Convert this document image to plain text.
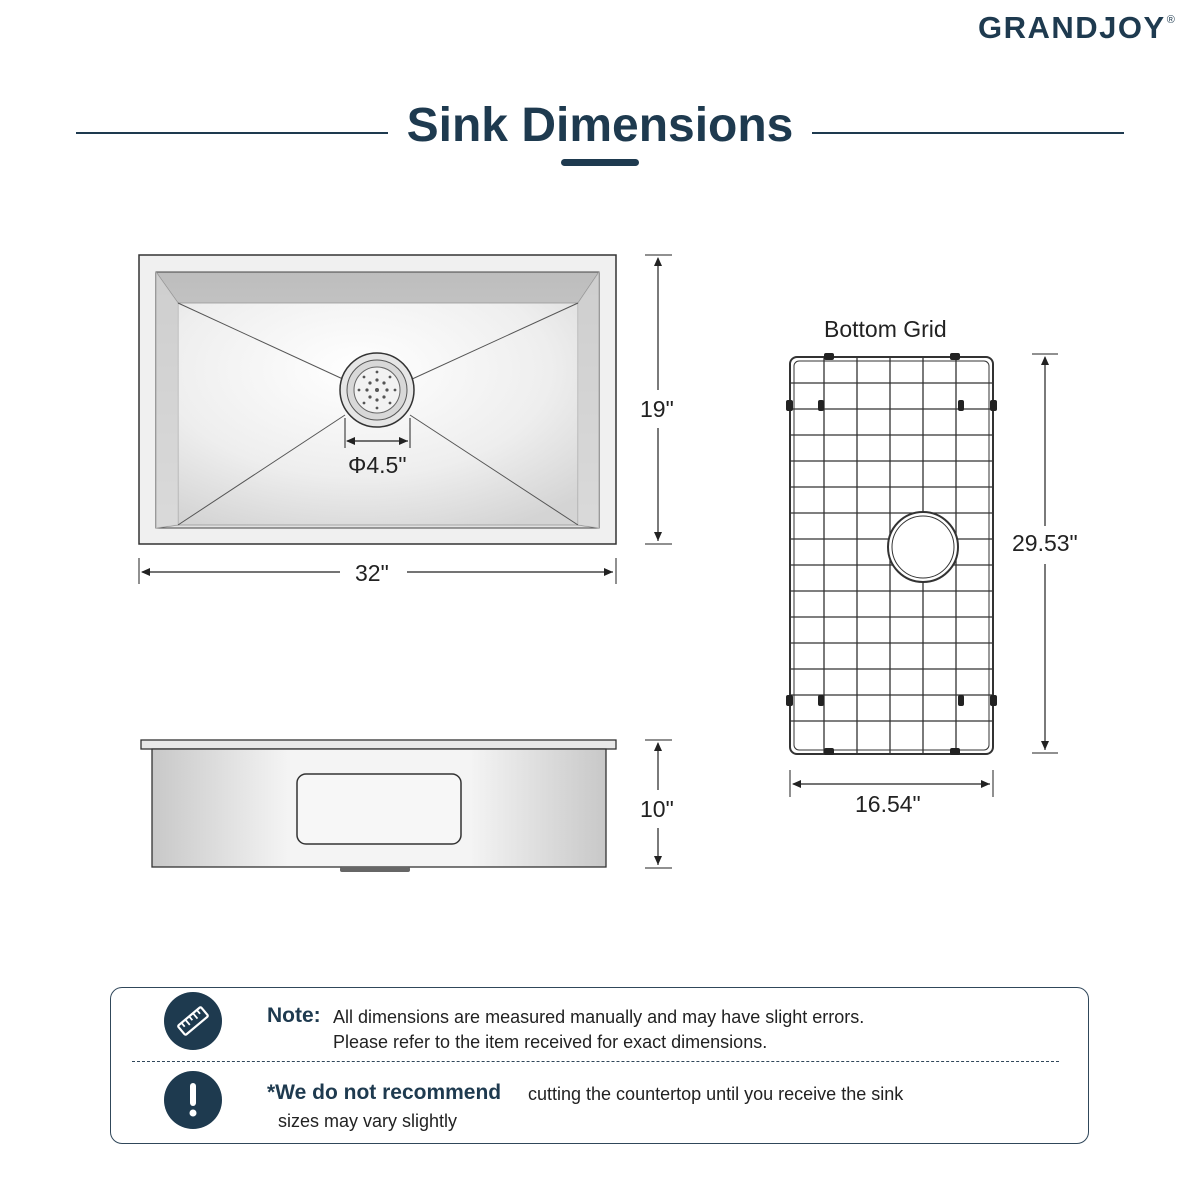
GRANDJOY®
Sink Dimensions
Φ4.5"
19"
32"
10"
Bottom Grid
29.53"
16.54"
Note: All dimensions are measured manually and may have slight errors.
Please refer to the item received for exact dimensions.
*We do not recommend cutting the countertop until you receive the sink
sizes may vary slightly
